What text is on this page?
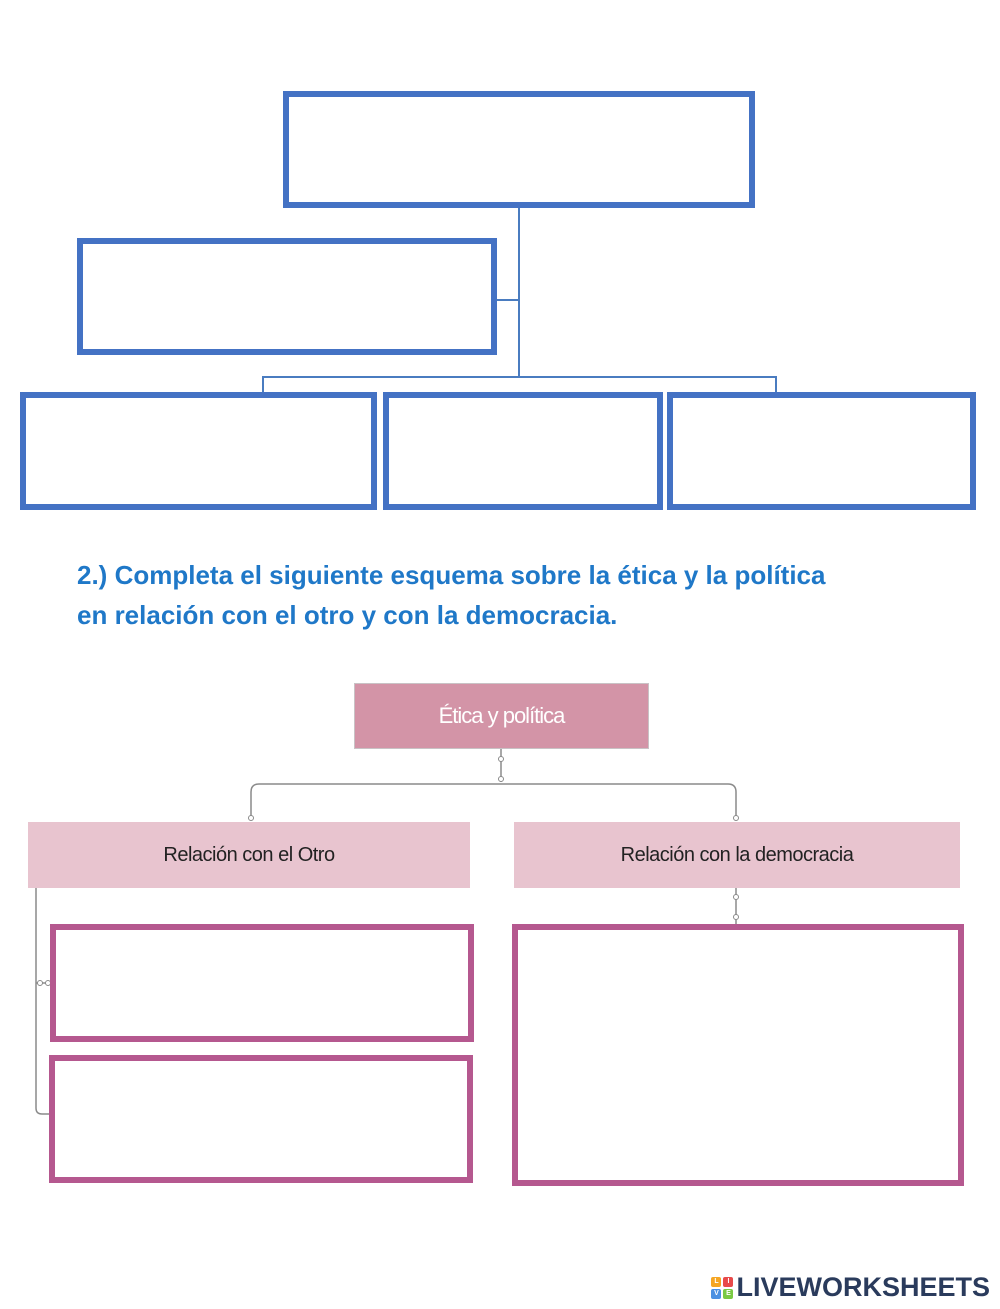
2.) Completa el siguiente esquema sobre la ética y la política
en relación con el otro y con la democracia.
Ética y política
Relación con el Otro	Relación con la democracia
L	I
V	E LIVEWORKSHEETS
